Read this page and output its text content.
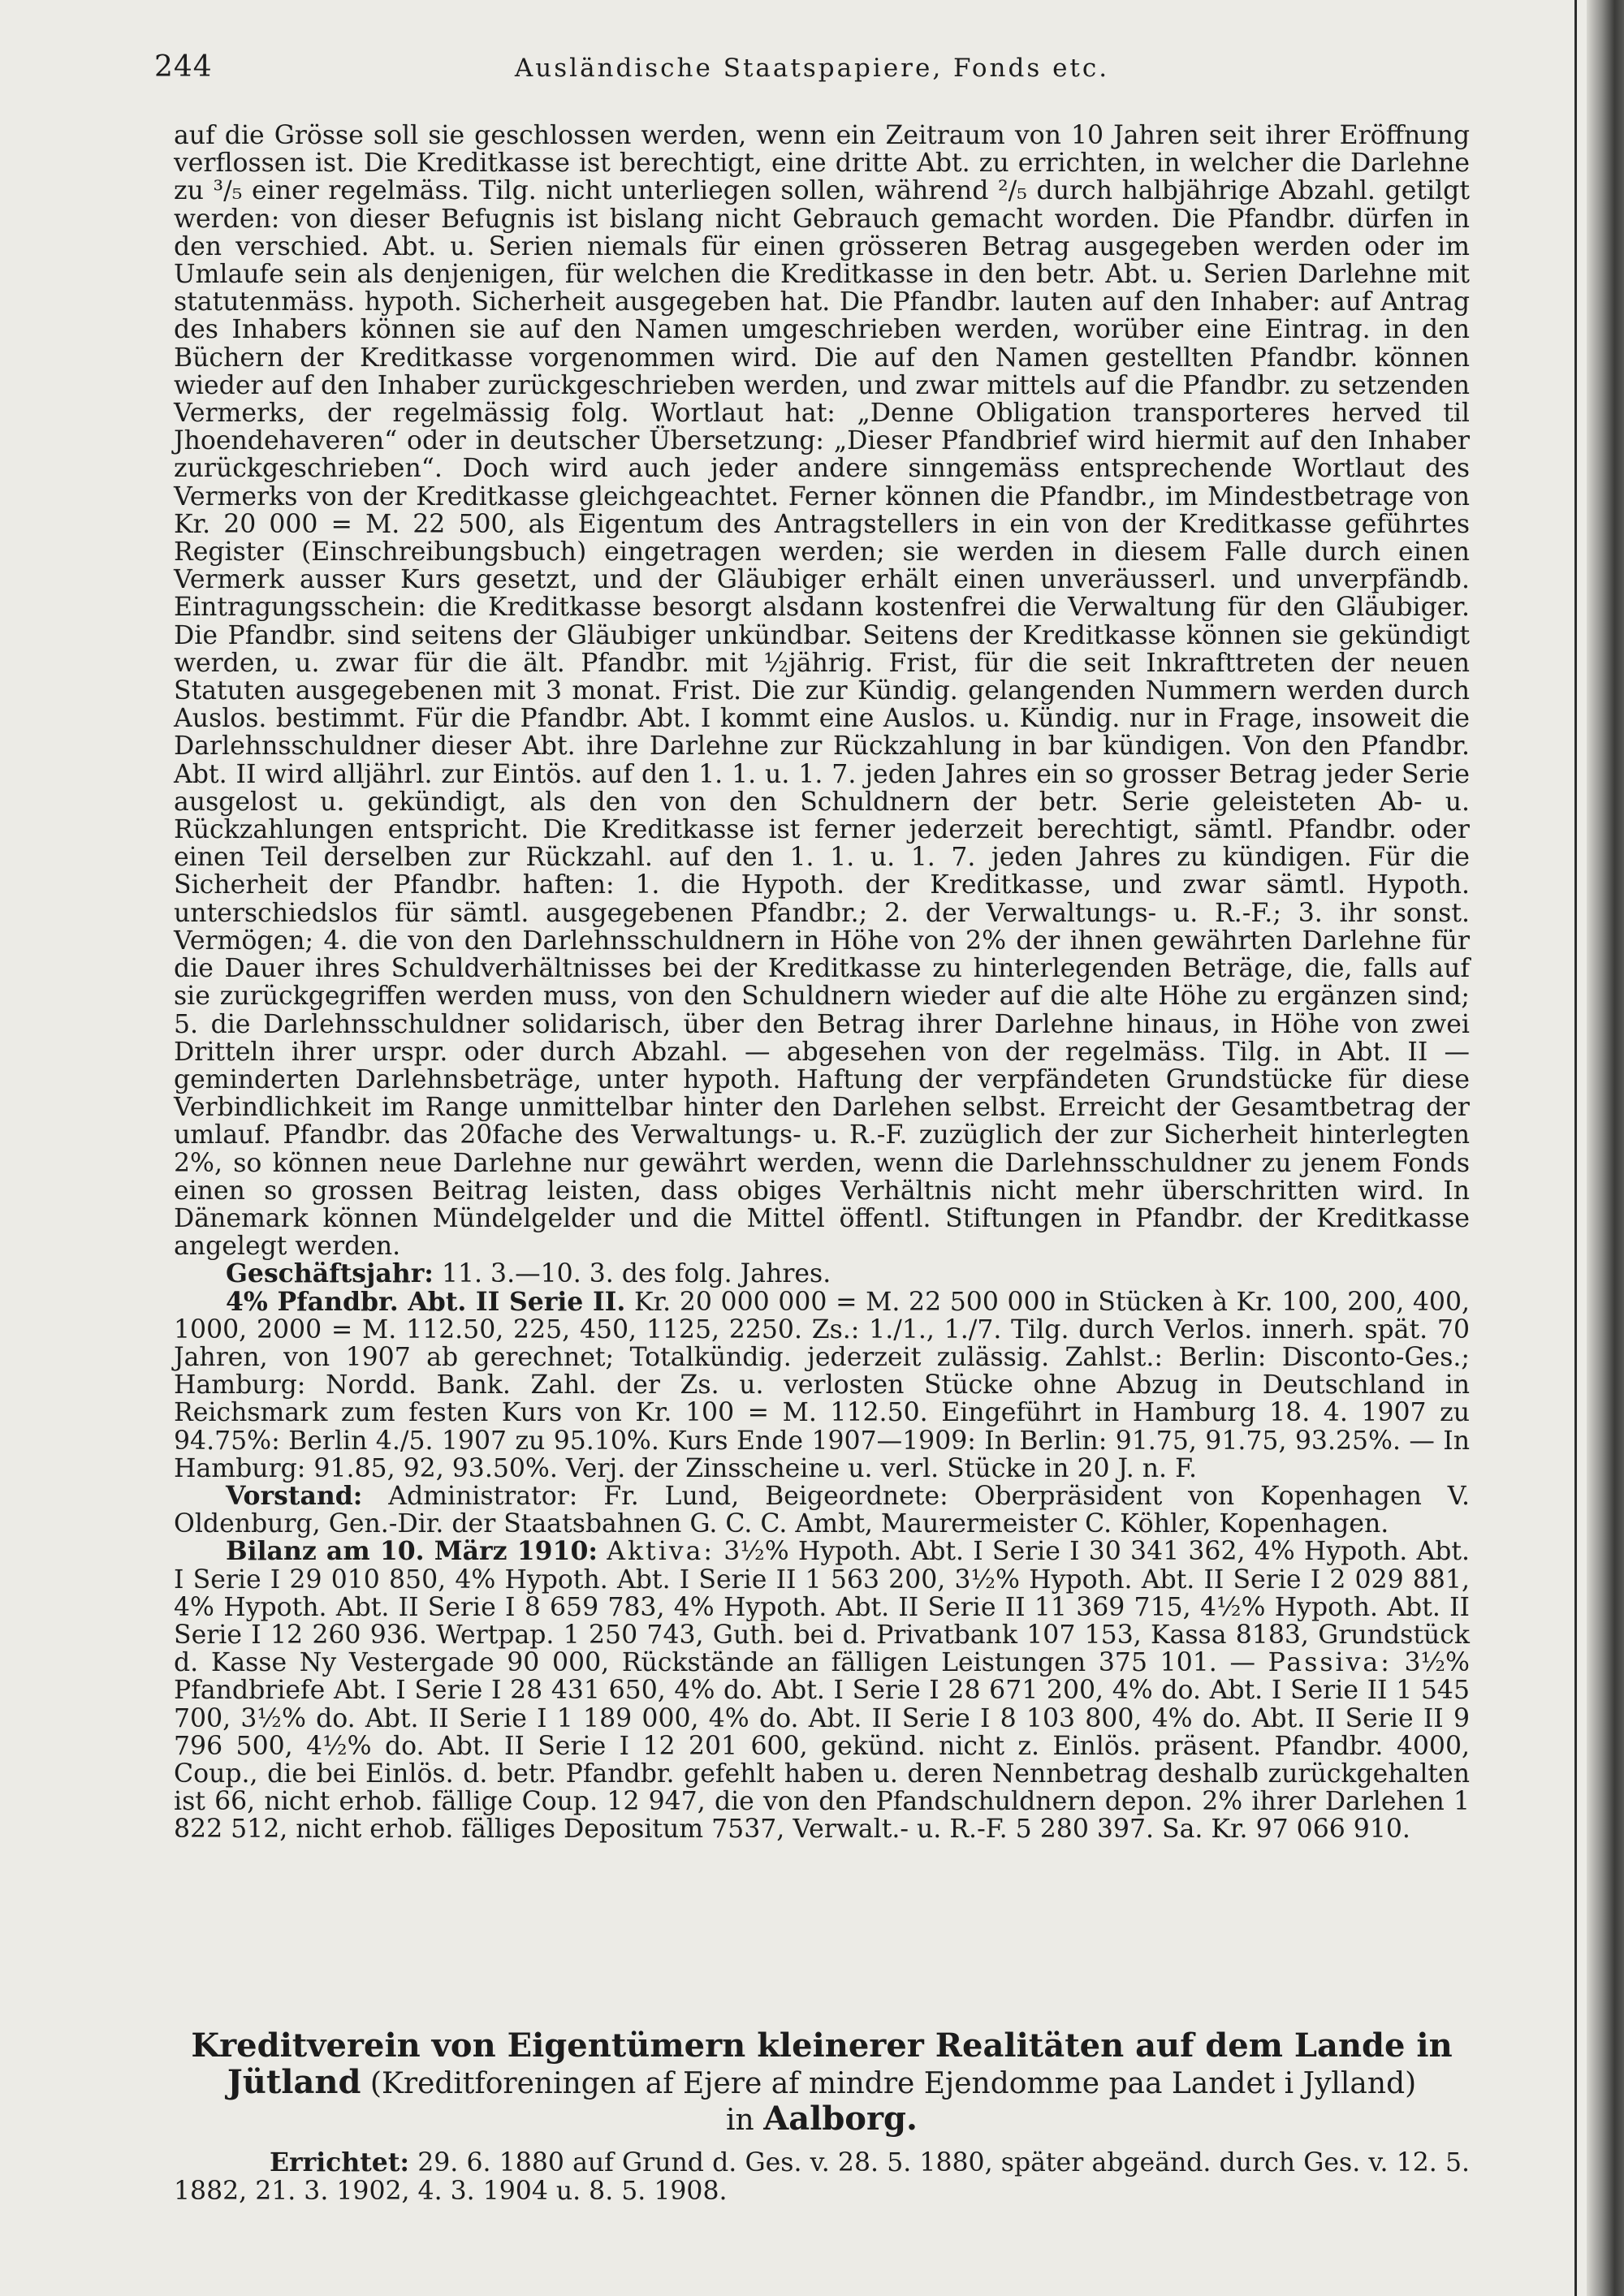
244	Ausländische Staatspapiere, Fonds etc.

auf die Grösse soll sie geschlossen werden, wenn ein Zeitraum von 10 Jahren seit ihrer Eröffnung verflossen ist. Die Kreditkasse ist berechtigt, eine dritte Abt. zu errichten, in welcher die Darlehne zu ³/₅ einer regelmäss. Tilg. nicht unterliegen sollen, während ²/₅ durch halbjährige Abzahl. getilgt werden: von dieser Befugnis ist bislang nicht Gebrauch gemacht worden. Die Pfandbr. dürfen in den verschied. Abt. u. Serien niemals für einen grösseren Betrag ausgegeben werden oder im Umlaufe sein als denjenigen, für welchen die Kreditkasse in den betr. Abt. u. Serien Darlehne mit statutenmäss. hypoth. Sicherheit ausgegeben hat. Die Pfandbr. lauten auf den Inhaber: auf Antrag des Inhabers können sie auf den Namen umgeschrieben werden, worüber eine Eintrag. in den Büchern der Kreditkasse vorgenommen wird. Die auf den Namen gestellten Pfandbr. können wieder auf den Inhaber zurückgeschrieben werden, und zwar mittels auf die Pfandbr. zu setzenden Vermerks, der regelmässig folg. Wortlaut hat: „Denne Obligation transporteres herved til Jhoendehaveren“ oder in deutscher Übersetzung: „Dieser Pfandbrief wird hiermit auf den Inhaber zurückgeschrieben“. Doch wird auch jeder andere sinngemäss entsprechende Wortlaut des Vermerks von der Kreditkasse gleichgeachtet. Ferner können die Pfandbr., im Mindestbetrage von Kr. 20 000 = M. 22 500, als Eigentum des Antragstellers in ein von der Kreditkasse geführtes Register (Einschreibungsbuch) eingetragen werden; sie werden in diesem Falle durch einen Vermerk ausser Kurs gesetzt, und der Gläubiger erhält einen unveräusserl. und unverpfändb. Eintragungsschein: die Kreditkasse besorgt alsdann kostenfrei die Verwaltung für den Gläubiger. Die Pfandbr. sind seitens der Gläubiger unkündbar. Seitens der Kreditkasse können sie gekündigt werden, u. zwar für die ält. Pfandbr. mit ½jährig. Frist, für die seit Inkrafttreten der neuen Statuten ausgegebenen mit 3 monat. Frist. Die zur Kündig. gelangenden Nummern werden durch Auslos. bestimmt. Für die Pfandbr. Abt. I kommt eine Auslos. u. Kündig. nur in Frage, insoweit die Darlehnsschuldner dieser Abt. ihre Darlehne zur Rückzahlung in bar kündigen. Von den Pfandbr. Abt. II wird alljährl. zur Eintös. auf den 1. 1. u. 1. 7. jeden Jahres ein so grosser Betrag jeder Serie ausgelost u. gekündigt, als den von den Schuldnern der betr. Serie geleisteten Ab- u. Rückzahlungen entspricht. Die Kreditkasse ist ferner jederzeit berechtigt, sämtl. Pfandbr. oder einen Teil derselben zur Rückzahl. auf den 1. 1. u. 1. 7. jeden Jahres zu kündigen. Für die Sicherheit der Pfandbr. haften: 1. die Hypoth. der Kreditkasse, und zwar sämtl. Hypoth. unterschiedslos für sämtl. ausgegebenen Pfandbr.; 2. der Verwaltungs- u. R.-F.; 3. ihr sonst. Vermögen; 4. die von den Darlehnsschuldnern in Höhe von 2% der ihnen gewährten Darlehne für die Dauer ihres Schuldverhältnisses bei der Kreditkasse zu hinterlegenden Beträge, die, falls auf sie zurückgegriffen werden muss, von den Schuldnern wieder auf die alte Höhe zu ergänzen sind; 5. die Darlehnsschuldner solidarisch, über den Betrag ihrer Darlehne hinaus, in Höhe von zwei Dritteln ihrer urspr. oder durch Abzahl. — abgesehen von der regelmäss. Tilg. in Abt. II — geminderten Darlehnsbeträge, unter hypoth. Haftung der verpfändeten Grundstücke für diese Verbindlichkeit im Range unmittelbar hinter den Darlehen selbst. Erreicht der Gesamtbetrag der umlauf. Pfandbr. das 20fache des Verwaltungs- u. R.-F. zuzüglich der zur Sicherheit hinterlegten 2%, so können neue Darlehne nur gewährt werden, wenn die Darlehnsschuldner zu jenem Fonds einen so grossen Beitrag leisten, dass obiges Verhältnis nicht mehr überschritten wird. In Dänemark können Mündelgelder und die Mittel öffentl. Stiftungen in Pfandbr. der Kreditkasse angelegt werden.

Geschäftsjahr: 11. 3.—10. 3. des folg. Jahres.

4% Pfandbr. Abt. II Serie II. Kr. 20 000 000 = M. 22 500 000 in Stücken à Kr. 100, 200, 400, 1000, 2000 = M. 112.50, 225, 450, 1125, 2250. Zs.: 1./1., 1./7. Tilg. durch Verlos. innerh. spät. 70 Jahren, von 1907 ab gerechnet; Totalkündig. jederzeit zulässig. Zahlst.: Berlin: Disconto-Ges.; Hamburg: Nordd. Bank. Zahl. der Zs. u. verlosten Stücke ohne Abzug in Deutschland in Reichsmark zum festen Kurs von Kr. 100 = M. 112.50. Eingeführt in Hamburg 18. 4. 1907 zu 94.75%: Berlin 4./5. 1907 zu 95.10%. Kurs Ende 1907—1909: In Berlin: 91.75, 91.75, 93.25%. — In Hamburg: 91.85, 92, 93.50%. Verj. der Zinsscheine u. verl. Stücke in 20 J. n. F.

Vorstand: Administrator: Fr. Lund, Beigeordnete: Oberpräsident von Kopenhagen V. Oldenburg, Gen.-Dir. der Staatsbahnen G. C. C. Ambt, Maurermeister C. Köhler, Kopenhagen.

Bilanz am 10. März 1910: Aktiva: 3½% Hypoth. Abt. I Serie I 30 341 362, 4% Hypoth. Abt. I Serie I 29 010 850, 4% Hypoth. Abt. I Serie II 1 563 200, 3½% Hypoth. Abt. II Serie I 2 029 881, 4% Hypoth. Abt. II Serie I 8 659 783, 4% Hypoth. Abt. II Serie II 11 369 715, 4½% Hypoth. Abt. II Serie I 12 260 936. Wertpap. 1 250 743, Guth. bei d. Privatbank 107 153, Kassa 8183, Grundstück d. Kasse Ny Vestergade 90 000, Rückstände an fälligen Leistungen 375 101. — Passiva: 3½% Pfandbriefe Abt. I Serie I 28 431 650, 4% do. Abt. I Serie I 28 671 200, 4% do. Abt. I Serie II 1 545 700, 3½% do. Abt. II Serie I 1 189 000, 4% do. Abt. II Serie I 8 103 800, 4% do. Abt. II Serie II 9 796 500, 4½% do. Abt. II Serie I 12 201 600, gekünd. nicht z. Einlös. präsent. Pfandbr. 4000, Coup., die bei Einlös. d. betr. Pfandbr. gefehlt haben u. deren Nennbetrag deshalb zurückgehalten ist 66, nicht erhob. fällige Coup. 12 947, die von den Pfandschuldnern depon. 2% ihrer Darlehen 1 822 512, nicht erhob. fälliges Depositum 7537, Verwalt.- u. R.-F. 5 280 397. Sa. Kr. 97 066 910.

Kreditverein von Eigentümern kleinerer Realitäten auf dem Lande in Jütland (Kreditforeningen af Ejere af mindre Ejendomme paa Landet i Jylland)
in Aalborg.
Errichtet: 29. 6. 1880 auf Grund d. Ges. v. 28. 5. 1880, später abgeänd. durch Ges. v. 12. 5. 1882, 21. 3. 1902, 4. 3. 1904 u. 8. 5. 1908.
